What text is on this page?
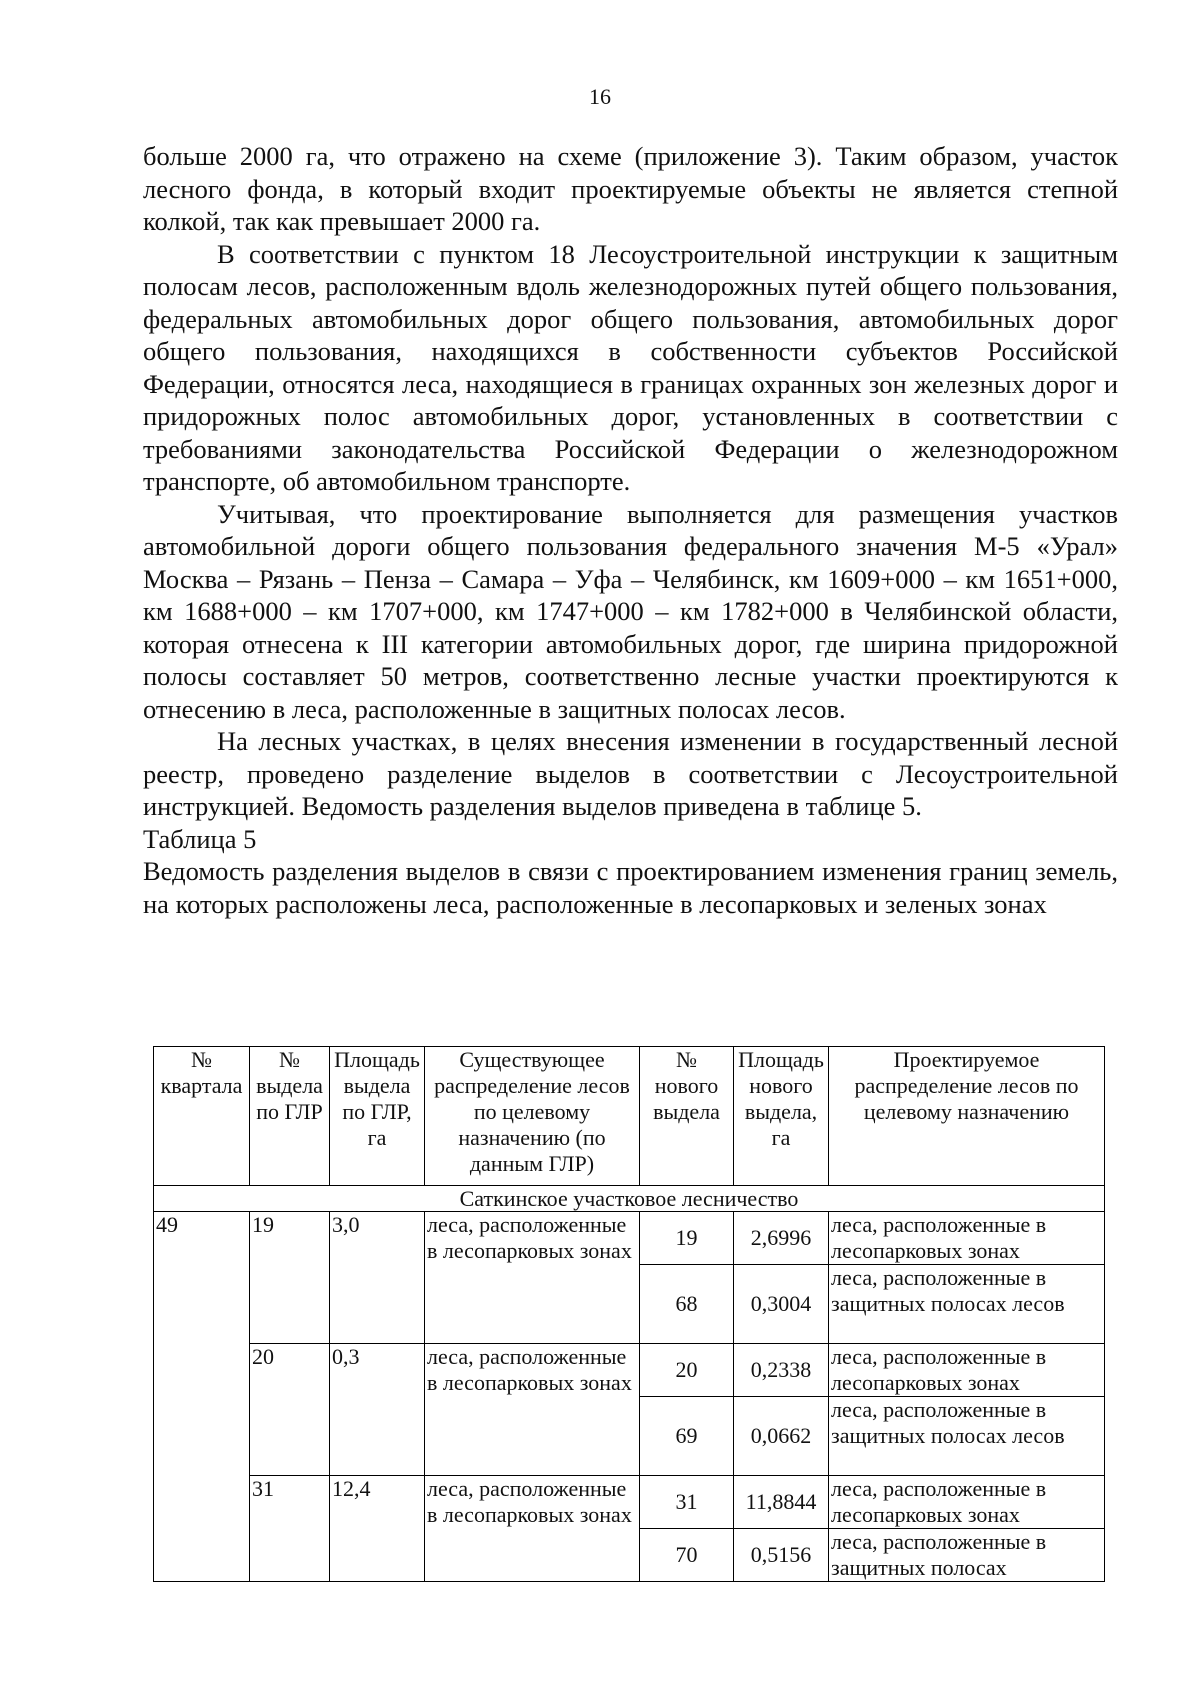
16

больше 2000 га, что отражено на схеме (приложение 3). Таким образом, участок лесного фонда, в который входит проектируемые объекты не является степной колкой, так как превышает 2000 га.

В соответствии с пунктом 18 Лесоустроительной инструкции к защитным полосам лесов, расположенным вдоль железнодорожных путей общего пользования, федеральных автомобильных дорог общего пользования, автомобильных дорог общего пользования, находящихся в собственности субъектов Российской Федерации, относятся леса, находящиеся в границах охранных зон железных дорог и придорожных полос автомобильных дорог, установленных в соответствии с требованиями законодательства Российской Федерации о железнодорожном транспорте, об автомобильном транспорте.

Учитывая, что проектирование выполняется для размещения участков автомобильной дороги общего пользования федерального значения М-5 «Урал» Москва – Рязань – Пенза – Самара – Уфа – Челябинск, км 1609+000 – км 1651+000, км 1688+000 – км 1707+000, км 1747+000 – км 1782+000 в Челябинской области, которая отнесена к III категории автомобильных дорог, где ширина придорожной полосы составляет 50 метров, соответственно лесные участки проектируются к отнесению в леса, расположенные в защитных полосах лесов.

На лесных участках, в целях внесения изменении в государственный лесной реестр, проведено разделение выделов в соответствии с Лесоустроительной инструкцией. Ведомость разделения выделов приведена в таблице 5.

Таблица 5

Ведомость разделения выделов в связи с проектированием изменения границ земель, на которых расположены леса, расположенные в лесопарковых и зеленых зонах

№ квартала	№ выдела по ГЛР	Площадь выдела по ГЛР, га	Существующее распределение лесов по целевому назначению (по данным ГЛР)	№ нового выдела	Площадь нового выдела, га	Проектируемое распределение лесов по целевому назначению
Саткинское участковое лесничество						
49	19	3,0	леса, расположенные в лесопарковых зонах	19	2,6996	леса, расположенные в лесопарковых зонах
				68	0,3004	леса, расположенные в защитных полосах лесов
	20	0,3	леса, расположенные в лесопарковых зонах	20	0,2338	леса, расположенные в лесопарковых зонах
				69	0,0662	леса, расположенные в защитных полосах лесов
	31	12,4	леса, расположенные в лесопарковых зонах	31	11,8844	леса, расположенные в лесопарковых зонах
				70	0,5156	леса, расположенные в защитных полосах
